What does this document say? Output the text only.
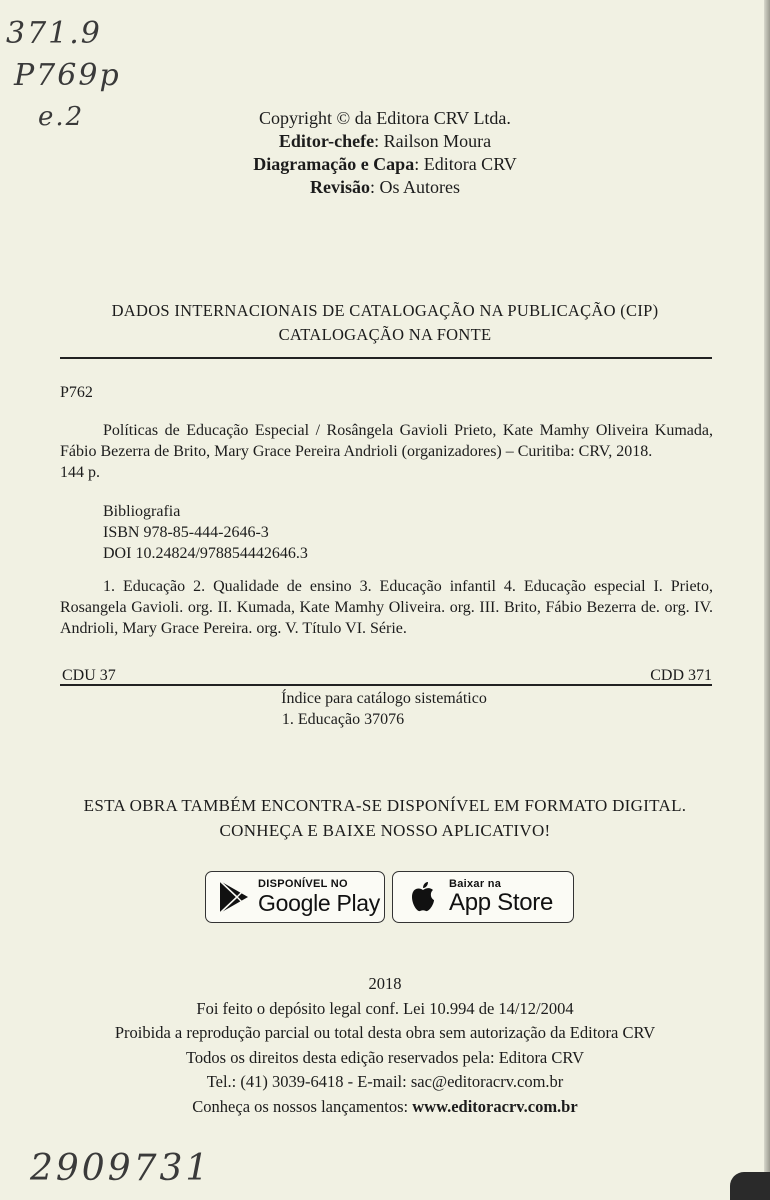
371.9
P769p
e.2
2909731
Copyright © da Editora CRV Ltda.
Editor-chefe: Railson Moura
Diagramação e Capa: Editora CRV
Revisão: Os Autores
DADOS INTERNACIONAIS DE CATALOGAÇÃO NA PUBLICAÇÃO (CIP)
CATALOGAÇÃO NA FONTE
P762
Políticas de Educação Especial / Rosângela Gavioli Prieto, Kate Mamhy Oliveira Kumada, Fábio Bezerra de Brito, Mary Grace Pereira Andrioli (organizadores) – Curitiba: CRV, 2018.
144 p.
Bibliografia
ISBN 978-85-444-2646-3
DOI 10.24824/978854442646.3
1. Educação 2. Qualidade de ensino 3. Educação infantil 4. Educação especial I. Prieto, Rosangela Gavioli. org. II. Kumada, Kate Mamhy Oliveira. org. III. Brito, Fábio Bezerra de. org. IV. Andrioli, Mary Grace Pereira. org. V. Título VI. Série.
CDU 37	CDD 371
Índice para catálogo sistemático
1. Educação 37076
ESTA OBRA TAMBÉM ENCONTRA-SE DISPONÍVEL EM FORMATO DIGITAL.
CONHEÇA E BAIXE NOSSO APLICATIVO!
DISPONÍVEL NO
Google Play
Baixar na
App Store
2018
Foi feito o depósito legal conf. Lei 10.994 de 14/12/2004
Proibida a reprodução parcial ou total desta obra sem autorização da Editora CRV
Todos os direitos desta edição reservados pela: Editora CRV
Tel.: (41) 3039-6418 - E-mail: sac@editoracrv.com.br
Conheça os nossos lançamentos: www.editoracrv.com.br
